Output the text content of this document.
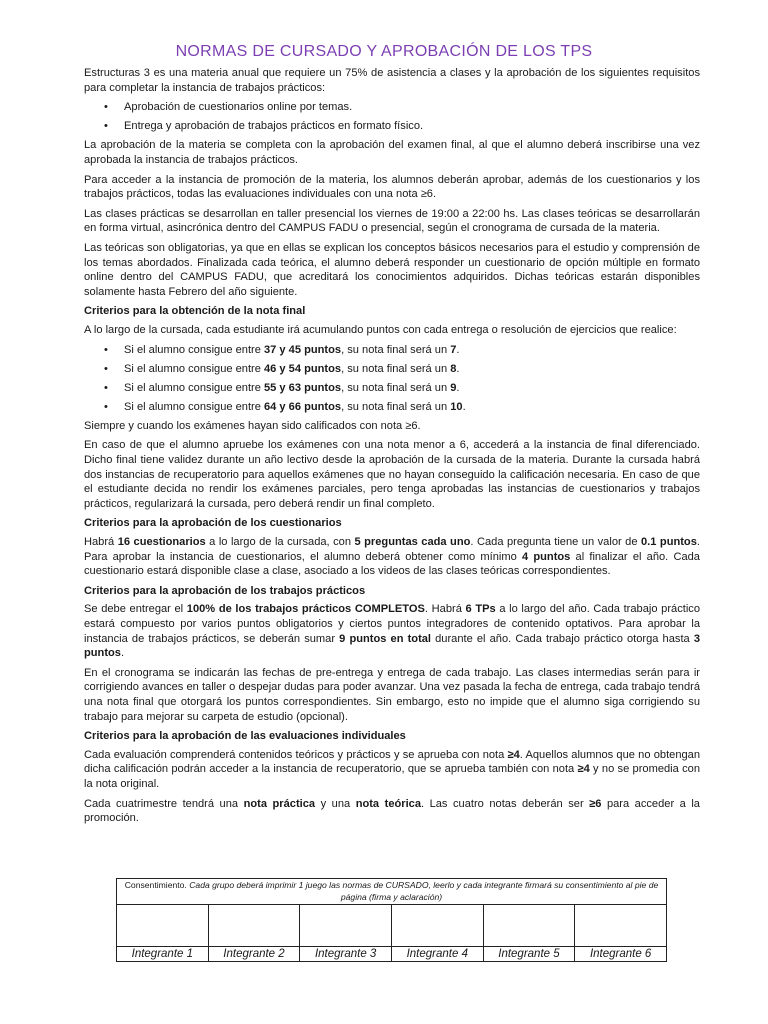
NORMAS DE CURSADO Y APROBACIÓN DE LOS TPS

Estructuras 3 es una materia anual que requiere un 75% de asistencia a clases y la aprobación de los siguientes requisitos para completar la instancia de trabajos prácticos:

• Aprobación de cuestionarios online por temas.
• Entrega y aprobación de trabajos prácticos en formato físico.

La aprobación de la materia se completa con la aprobación del examen final, al que el alumno deberá inscribirse una vez aprobada la instancia de trabajos prácticos.

Para acceder a la instancia de promoción de la materia, los alumnos deberán aprobar, además de los cuestionarios y los trabajos prácticos, todas las evaluaciones individuales con una nota ≥6.

Las clases prácticas se desarrollan en taller presencial los viernes de 19:00 a 22:00 hs. Las clases teóricas se desarrollarán en forma virtual, asincrónica dentro del CAMPUS FADU o presencial, según el cronograma de cursada de la materia.

Las teóricas son obligatorias, ya que en ellas se explican los conceptos básicos necesarios para el estudio y comprensión de los temas abordados. Finalizada cada teórica, el alumno deberá responder un cuestionario de opción múltiple en formato online dentro del CAMPUS FADU, que acreditará los conocimientos adquiridos. Dichas teóricas estarán disponibles solamente hasta Febrero del año siguiente.

Criterios para la obtención de la nota final

A lo largo de la cursada, cada estudiante irá acumulando puntos con cada entrega o resolución de ejercicios que realice:

• Si el alumno consigue entre 37 y 45 puntos, su nota final será un 7.
• Si el alumno consigue entre 46 y 54 puntos, su nota final será un 8.
• Si el alumno consigue entre 55 y 63 puntos, su nota final será un 9.
• Si el alumno consigue entre 64 y 66 puntos, su nota final será un 10.

Siempre y cuando los exámenes hayan sido calificados con nota ≥6.

En caso de que el alumno apruebe los exámenes con una nota menor a 6, accederá a la instancia de final diferenciado. Dicho final tiene validez durante un año lectivo desde la aprobación de la cursada de la materia. Durante la cursada habrá dos instancias de recuperatorio para aquellos exámenes que no hayan conseguido la calificación necesaria. En caso de que el estudiante decida no rendir los exámenes parciales, pero tenga aprobadas las instancias de cuestionarios y trabajos prácticos, regularizará la cursada, pero deberá rendir un final completo.

Criterios para la aprobación de los cuestionarios

Habrá 16 cuestionarios a lo largo de la cursada, con 5 preguntas cada uno. Cada pregunta tiene un valor de 0.1 puntos. Para aprobar la instancia de cuestionarios, el alumno deberá obtener como mínimo 4 puntos al finalizar el año. Cada cuestionario estará disponible clase a clase, asociado a los videos de las clases teóricas correspondientes.

Criterios para la aprobación de los trabajos prácticos

Se debe entregar el 100% de los trabajos prácticos COMPLETOS. Habrá 6 TPs a lo largo del año. Cada trabajo práctico estará compuesto por varios puntos obligatorios y ciertos puntos integradores de contenido optativos. Para aprobar la instancia de trabajos prácticos, se deberán sumar 9 puntos en total durante el año. Cada trabajo práctico otorga hasta 3 puntos.

En el cronograma se indicarán las fechas de pre-entrega y entrega de cada trabajo. Las clases intermedias serán para ir corrigiendo avances en taller o despejar dudas para poder avanzar. Una vez pasada la fecha de entrega, cada trabajo tendrá una nota final que otorgará los puntos correspondientes. Sin embargo, esto no impide que el alumno siga corrigiendo su trabajo para mejorar su carpeta de estudio (opcional).

Criterios para la aprobación de las evaluaciones individuales

Cada evaluación comprenderá contenidos teóricos y prácticos y se aprueba con nota ≥4. Aquellos alumnos que no obtengan dicha calificación podrán acceder a la instancia de recuperatorio, que se aprueba también con nota ≥4 y no se promedia con la nota original.

Cada cuatrimestre tendrá una nota práctica y una nota teórica. Las cuatro notas deberán ser ≥6 para acceder a la promoción.

Consentimiento. Cada grupo deberá imprimir 1 juego las normas de CURSADO, leerlo y cada integrante firmará su consentimiento al pie de página (firma y aclaración)					

Integrante 1	Integrante 2	Integrante 3	Integrante 4	Integrante 5	Integrante 6
